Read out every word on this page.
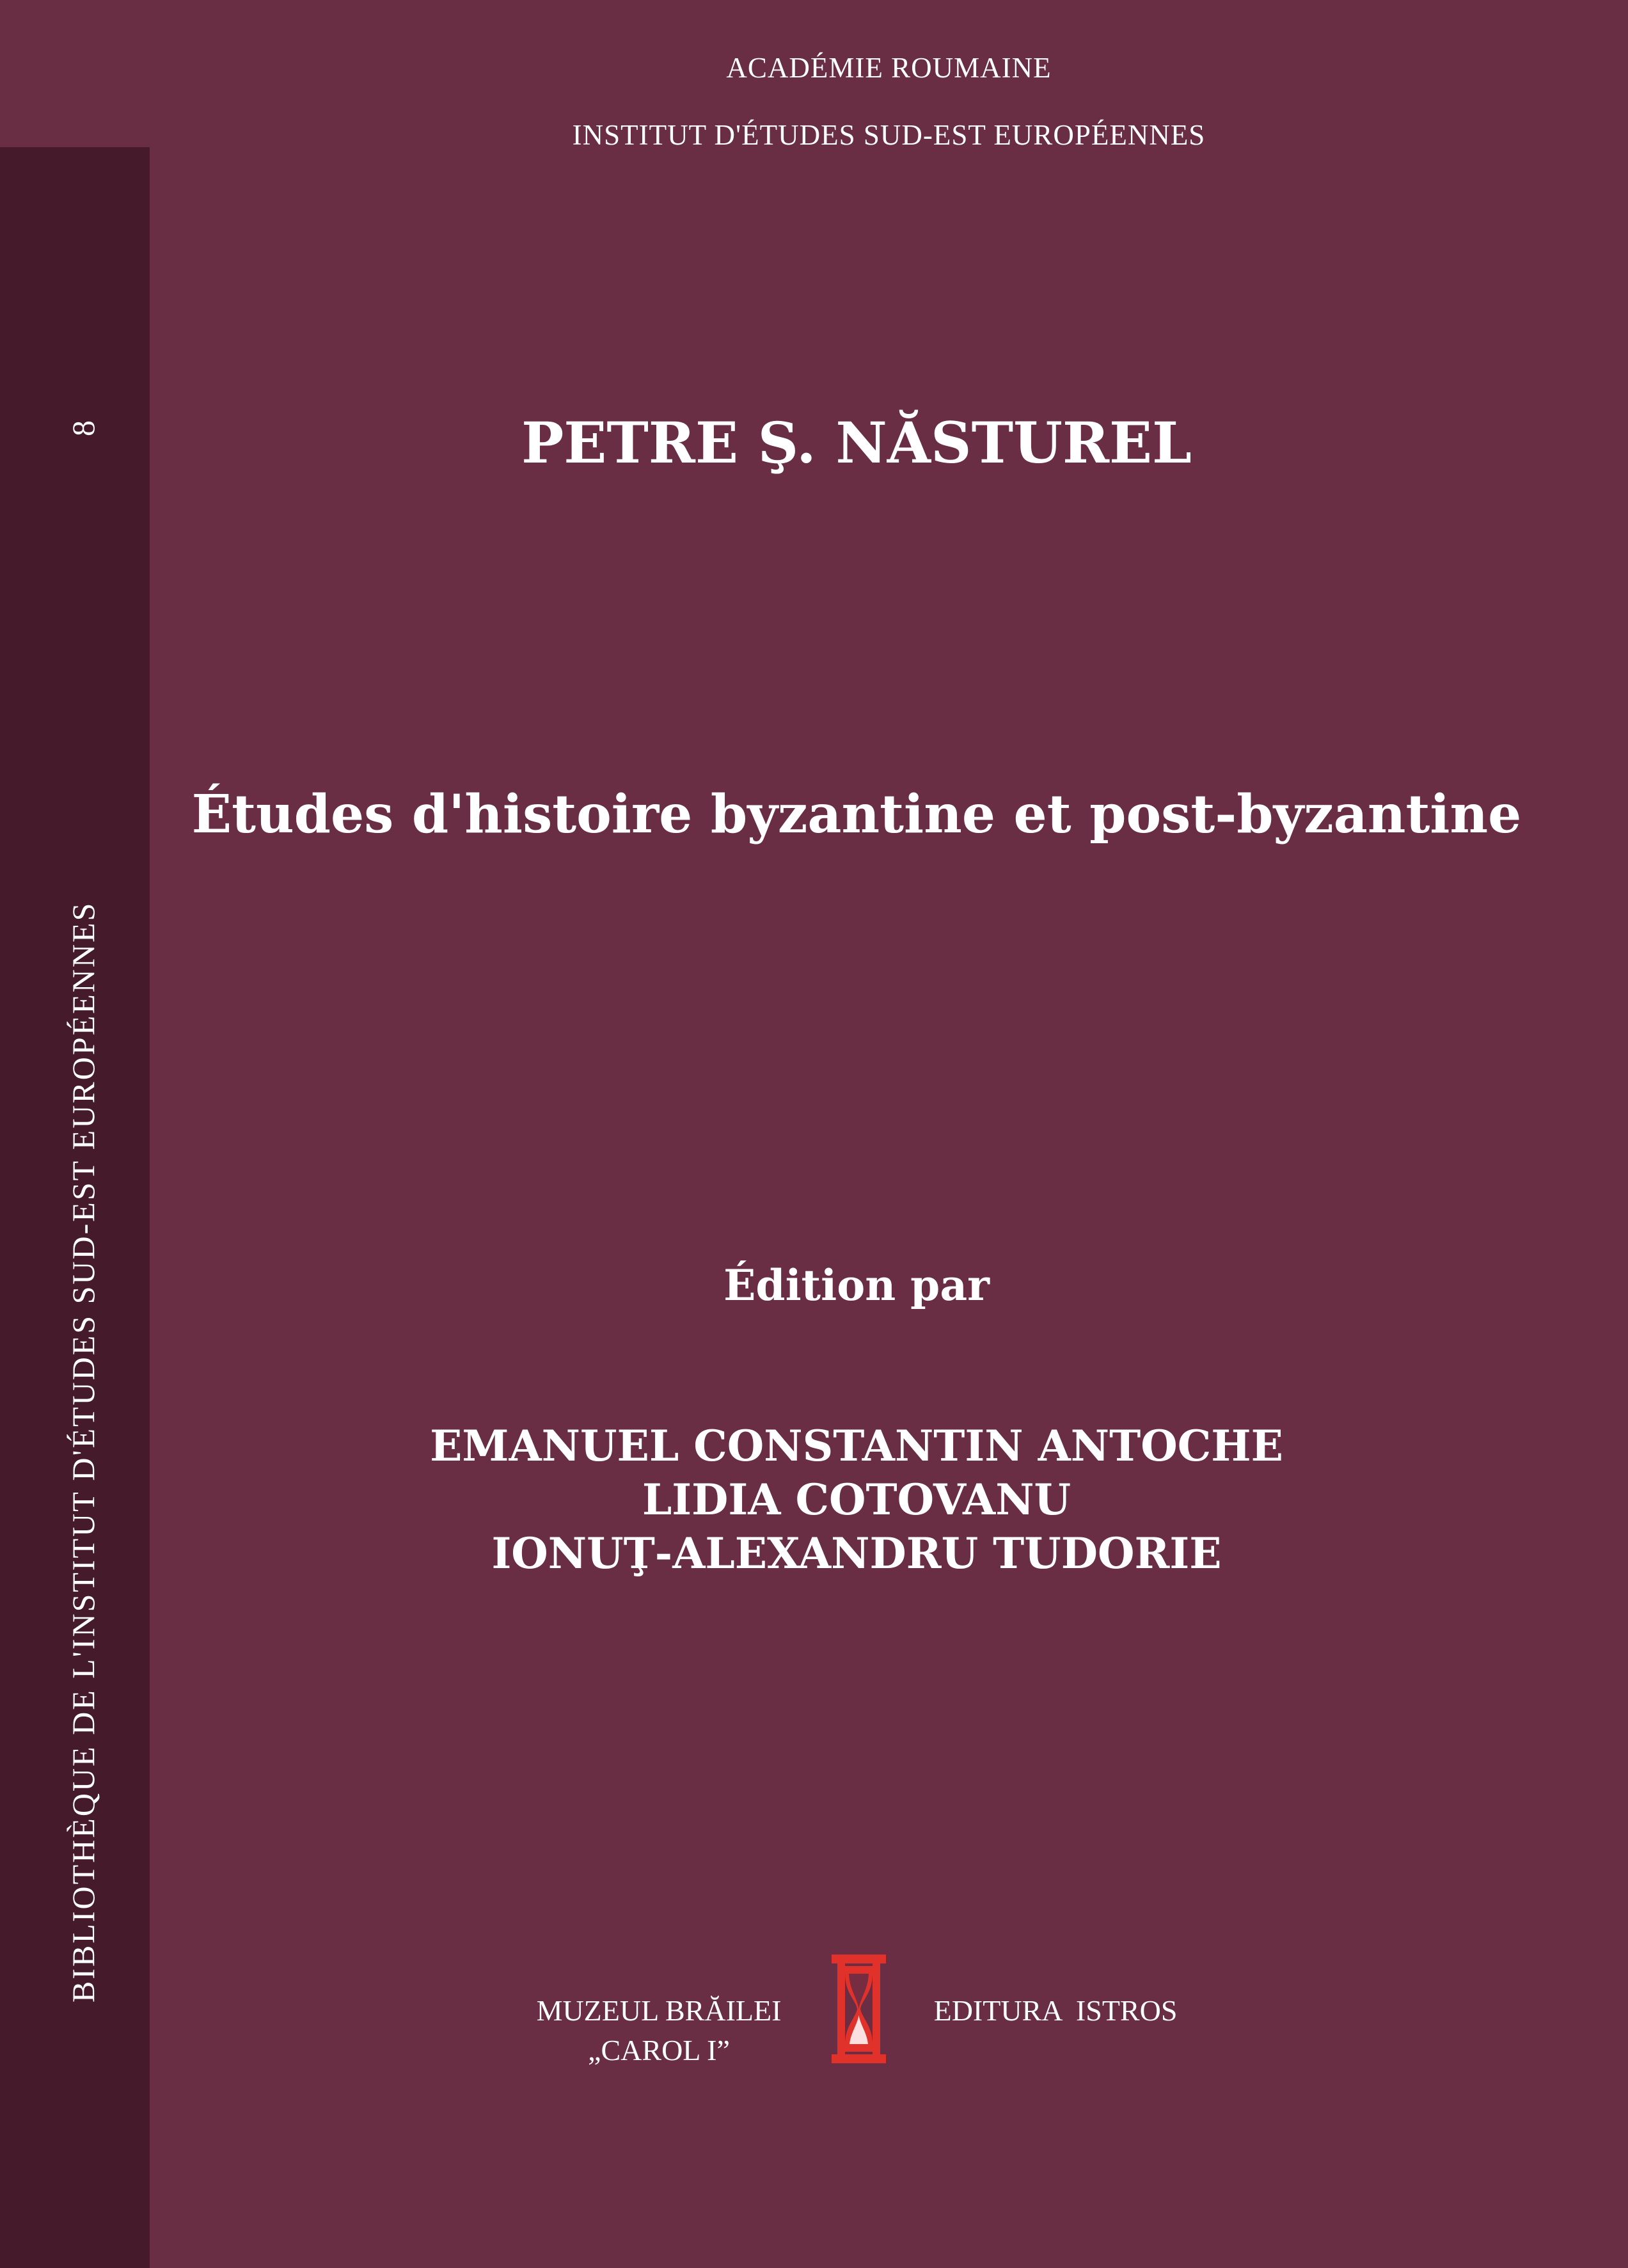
BIBLIOTHÈQUE DE L'INSTITUT D'ÉTUDES SUD-EST EUROPÉENNES
8
ACADÉMIE ROUMAINE
INSTITUT D'ÉTUDES SUD-EST EUROPÉENNES
PETRE Ş. NĂSTUREL
Études d'histoire byzantine et post-byzantine
Édition par
EMANUEL CONSTANTIN ANTOCHE
LIDIA COTOVANU
IONUŢ-ALEXANDRU TUDORIE
MUZEUL BRĂILEI
„CAROL I”
EDITURA  ISTROS
